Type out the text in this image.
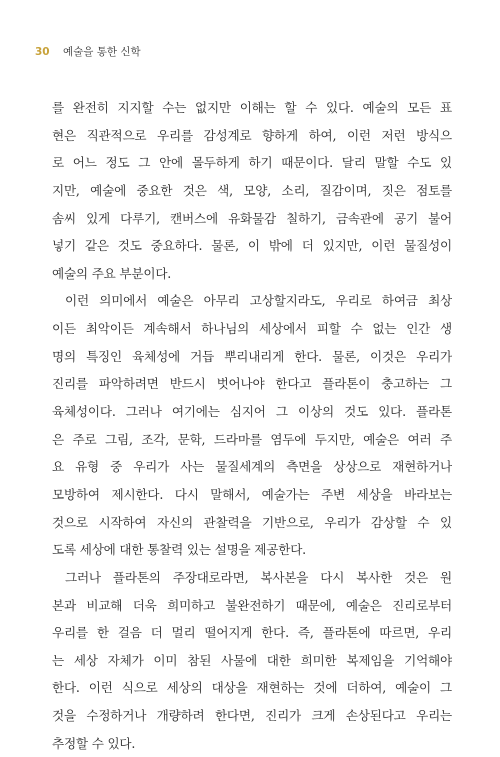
30 예술을 통한 신학
를 완전히 지지할 수는 없지만 이해는 할 수 있다. 예술의 모든 표
현은 직관적으로 우리를 감성계로 향하게 하여, 이런 저런 방식으
로 어느 정도 그 안에 몰두하게 하기 때문이다. 달리 말할 수도 있
지만, 예술에 중요한 것은 색, 모양, 소리, 질감이며, 짓은 점토를
솜씨 있게 다루기, 캔버스에 유화물감 칠하기, 금속관에 공기 불어
넣기 같은 것도 중요하다. 물론, 이 밖에 더 있지만, 이런 물질성이
예술의 주요 부분이다.
이런 의미에서 예술은 아무리 고상할지라도, 우리로 하여금 최상
이든 최악이든 계속해서 하나님의 세상에서 피할 수 없는 인간 생
명의 특징인 육체성에 거듭 뿌리내리게 한다. 물론, 이것은 우리가
진리를 파악하려면 반드시 벗어나야 한다고 플라톤이 충고하는 그
육체성이다. 그러나 여기에는 심지어 그 이상의 것도 있다. 플라톤
은 주로 그림, 조각, 문학, 드라마를 염두에 두지만, 예술은 여러 주
요 유형 중 우리가 사는 물질세계의 측면을 상상으로 재현하거나
모방하여 제시한다. 다시 말해서, 예술가는 주변 세상을 바라보는
것으로 시작하여 자신의 관찰력을 기반으로, 우리가 감상할 수 있
도록 세상에 대한 통찰력 있는 설명을 제공한다.
그러나 플라톤의 주장대로라면, 복사본을 다시 복사한 것은 원
본과 비교해 더욱 희미하고 불완전하기 때문에, 예술은 진리로부터
우리를 한 걸음 더 멀리 떨어지게 한다. 즉, 플라톤에 따르면, 우리
는 세상 자체가 이미 참된 사물에 대한 희미한 복제임을 기억해야
한다. 이런 식으로 세상의 대상을 재현하는 것에 더하여, 예술이 그
것을 수정하거나 개량하려 한다면, 진리가 크게 손상된다고 우리는
추정할 수 있다.
